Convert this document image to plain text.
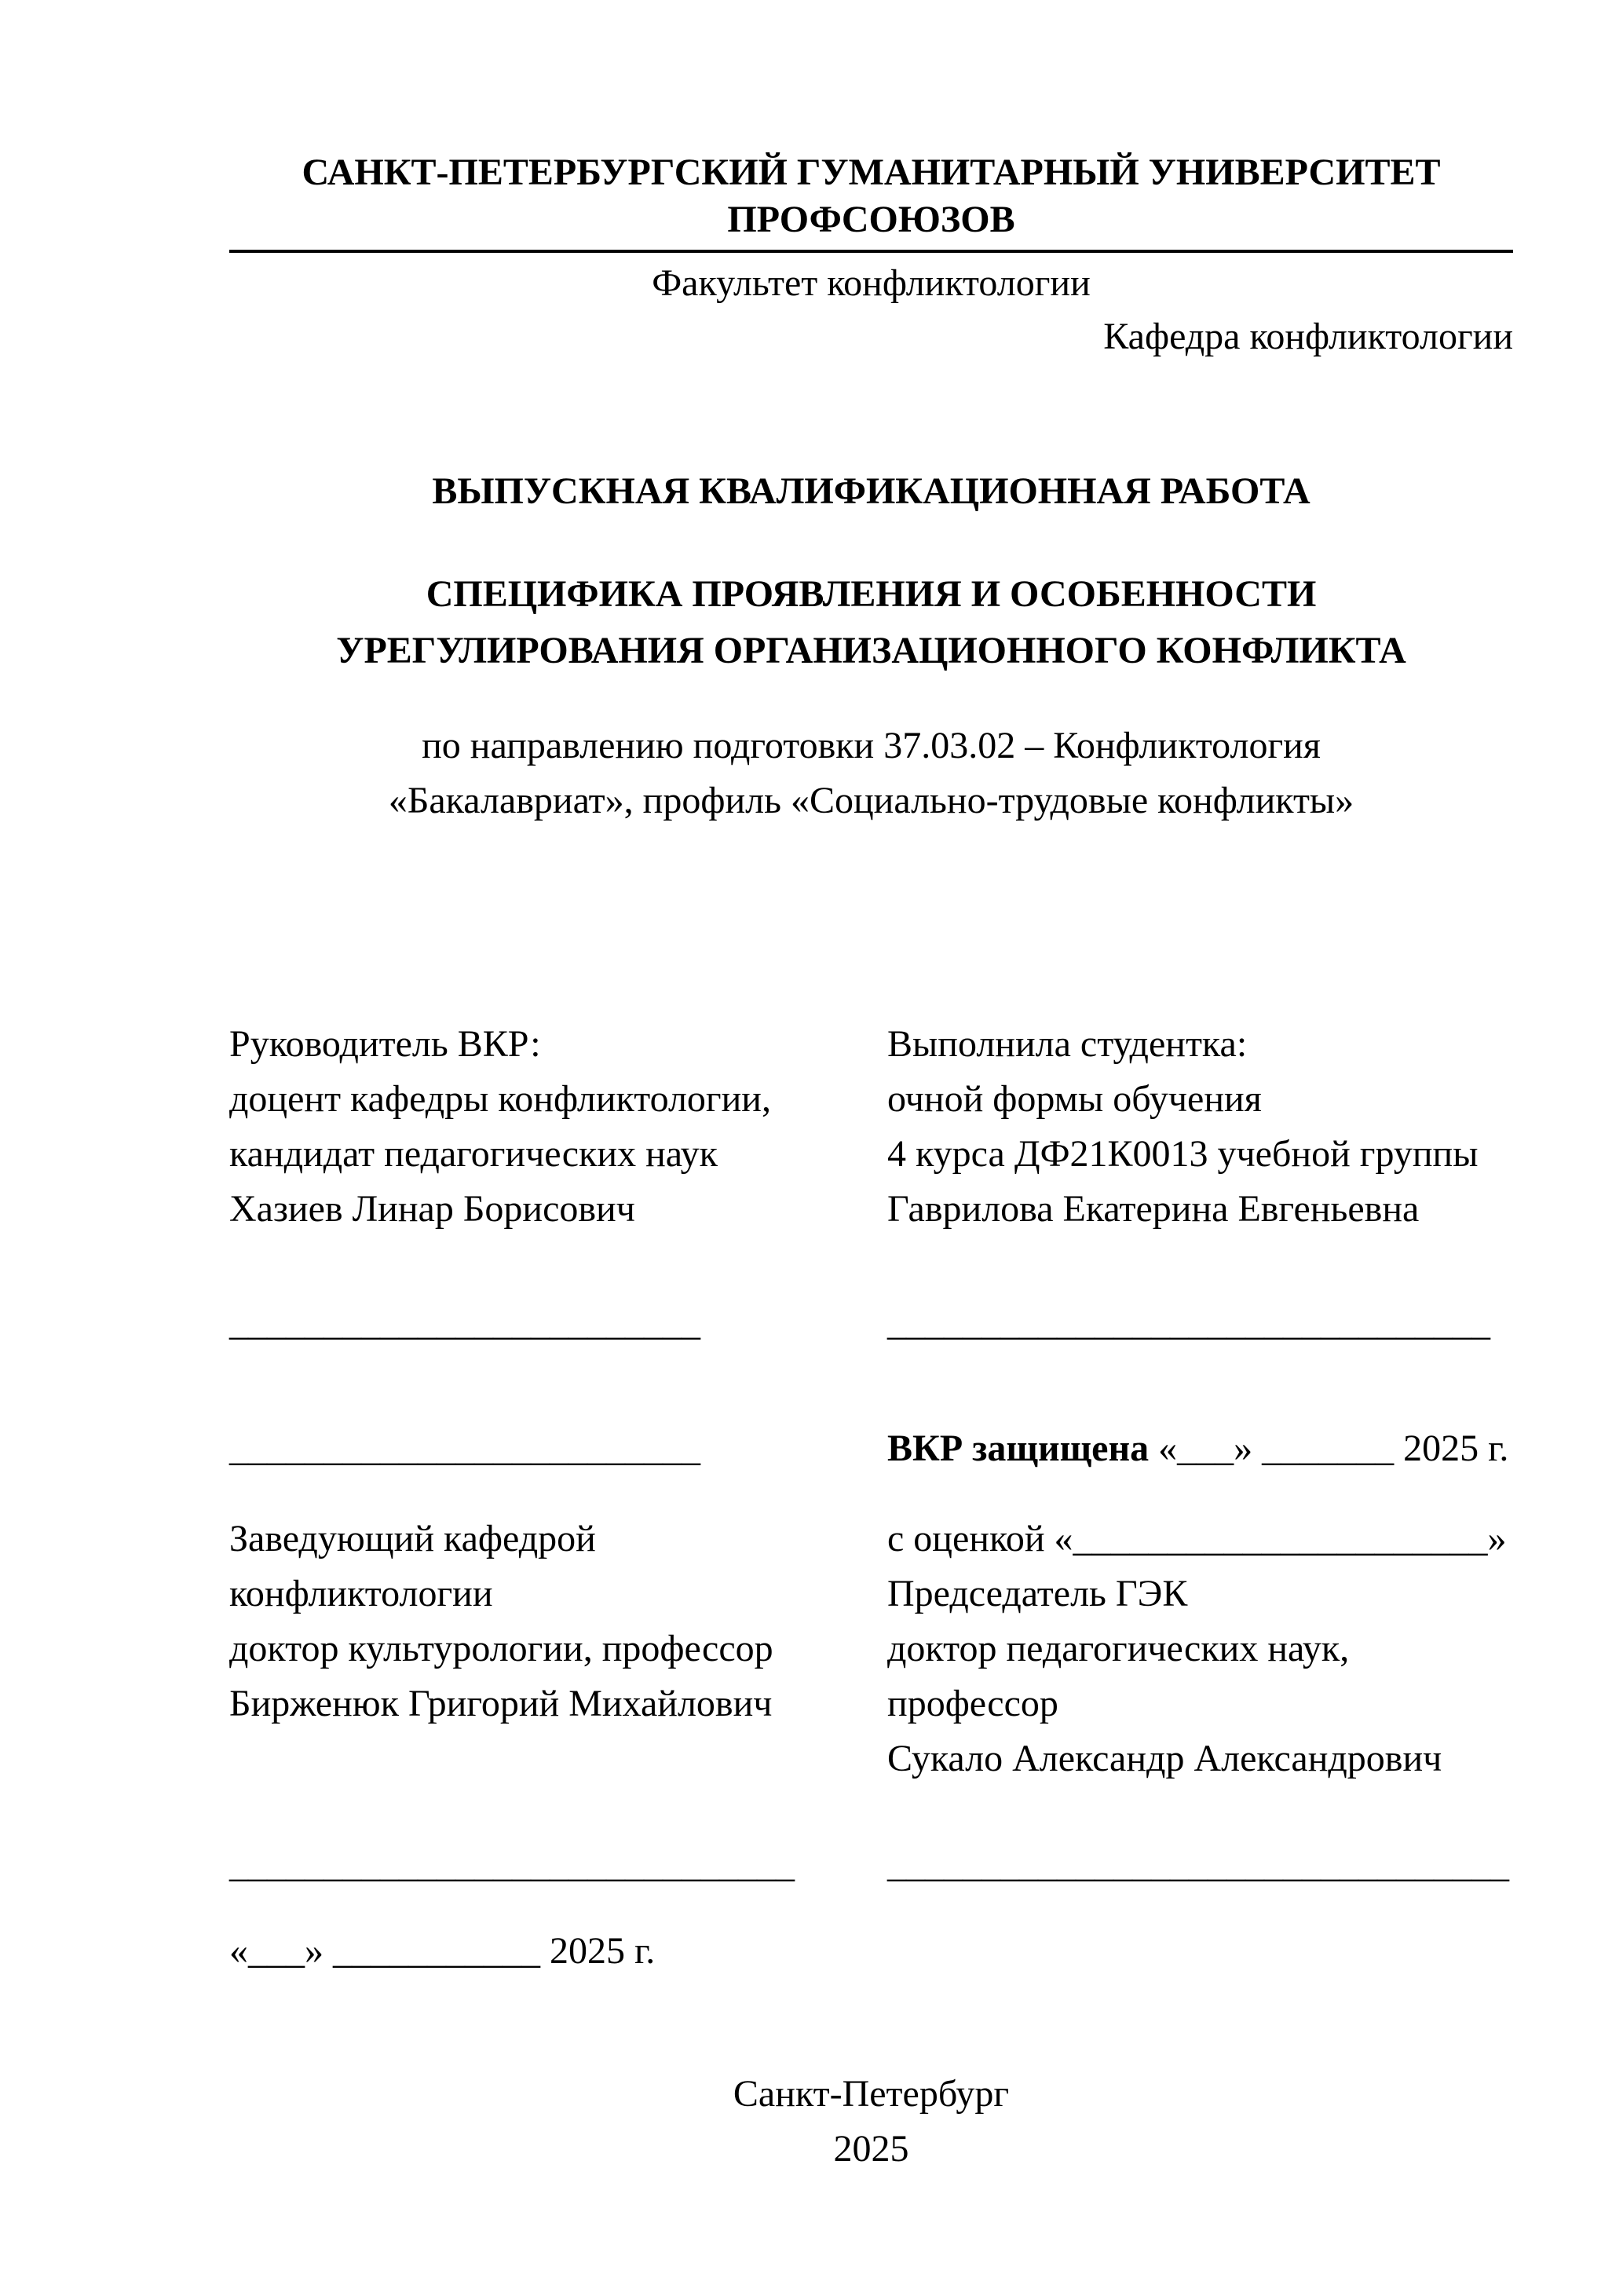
САНКТ-ПЕТЕРБУРГСКИЙ ГУМАНИТАРНЫЙ УНИВЕРСИТЕТ ПРОФСОЮЗОВ
Факультет конфликтологии
Кафедра конфликтологии
ВЫПУСКНАЯ КВАЛИФИКАЦИОННАЯ РАБОТА
СПЕЦИФИКА ПРОЯВЛЕНИЯ И ОСОБЕННОСТИ
УРЕГУЛИРОВАНИЯ ОРГАНИЗАЦИОННОГО КОНФЛИКТА
по направлению подготовки 37.03.02 – Конфликтология
«Бакалавриат», профиль «Социально-трудовые конфликты»
Руководитель ВКР:
доцент кафедры конфликтологии,
кандидат педагогических наук
Хазиев Линар Борисович
Выполнила студентка:
очной формы обучения
4 курса ДФ21К0013 учебной группы
Гаврилова Екатерина Евгеньевна
_________________________	________________________________
_________________________	ВКР защищена «___» _______ 2025 г.
Заведующий кафедрой
конфликтологии
доктор культурологии, профессор
Бирженюк Григорий Михайлович
с оценкой «______________________»
Председатель ГЭК
доктор педагогических наук,
профессор
Сукало Александр Александрович
______________________________	_________________________________
«___» ___________ 2025 г.
Санкт-Петербург
2025
